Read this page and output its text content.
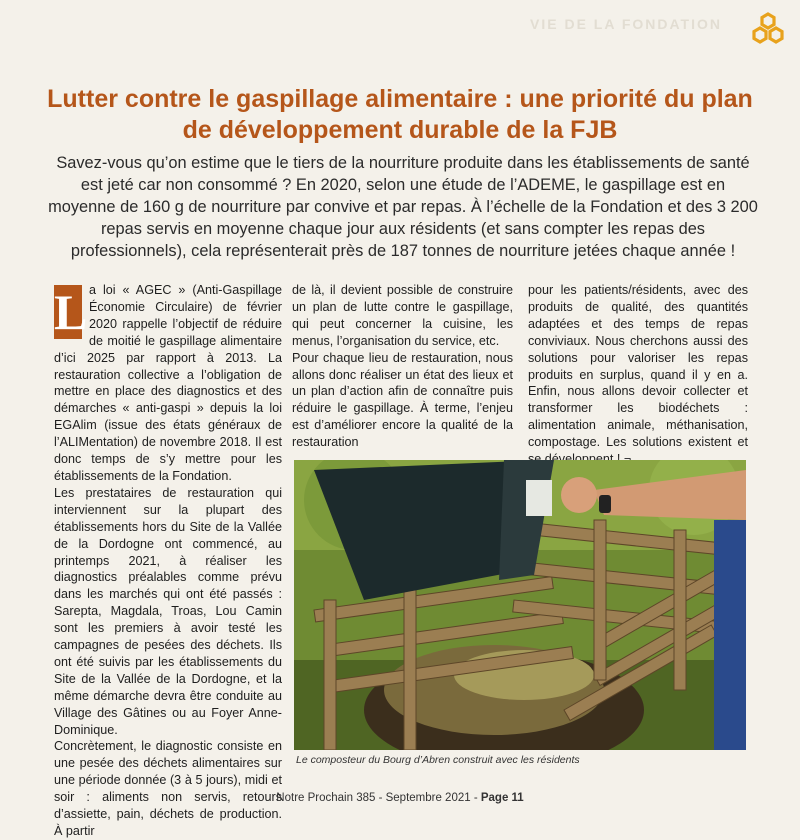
VIE DE LA FONDATION
Lutter contre le gaspillage alimentaire : une priorité du plan de développement durable de la FJB

Savez-vous qu’on estime que le tiers de la nourriture produite dans les établissements de santé est jeté car non consommé ? En 2020, selon une étude de l’ADEME, le gaspillage est en moyenne de 160 g de nourriture par convive et par repas. À l’échelle de la Fondation et des 3 200 repas servis en moyenne chaque jour aux résidents (et sans compter les repas des professionnels), cela représenterait près de 187 tonnes de nourriture jetées chaque année !

L a loi « AGEC » (Anti-Gaspillage Économie Circulaire) de février 2020 rappelle l’objectif de réduire de moitié le gaspillage alimentaire d’ici 2025 par rapport à 2013. La restauration collective a l’obligation de mettre en place des diagnostics et des démarches « anti-gaspi » depuis la loi EGAlim (issue des états généraux de l’ALIMentation) de novembre 2018. Il est donc temps de s’y mettre pour les établissements de la Fondation.

Les prestataires de restauration qui interviennent sur la plupart des établissements hors du Site de la Vallée de la Dordogne ont commencé, au printemps 2021, à réaliser les diagnostics préalables comme prévu dans les marchés qui ont été passés : Sarepta, Magdala, Troas, Lou Camin sont les premiers à avoir testé les campagnes de pesées des déchets. Ils ont été suivis par les établissements du Site de la Vallée de la Dordogne, et la même démarche devra être conduite au Village des Gâtines ou au Foyer Anne-Dominique.

Concrètement, le diagnostic consiste en une pesée des déchets alimentaires sur une période donnée (3 à 5 jours), midi et soir : aliments non servis, retours d’assiette, pain, déchets de production. À partir

de là, il devient possible de construire un plan de lutte contre le gaspillage, qui peut concerner la cuisine, les menus, l’organisation du service, etc.

Pour chaque lieu de restauration, nous allons donc réaliser un état des lieux et un plan d’action afin de connaître puis réduire le gaspillage. À terme, l’enjeu est d’améliorer encore la qualité de la restauration

pour les patients/résidents, avec des produits de qualité, des quantités adaptées et des temps de repas conviviaux. Nous cherchons aussi des solutions pour valoriser les repas produits en surplus, quand il y en a. Enfin, nous allons devoir collecter et transformer les biodéchets : alimentation animale, méthanisation, compostage. Les solutions existent et

Le composteur du Bourg d’Abren construit avec les résidents

Notre Prochain 385 - Septembre 2021 - Page 11
